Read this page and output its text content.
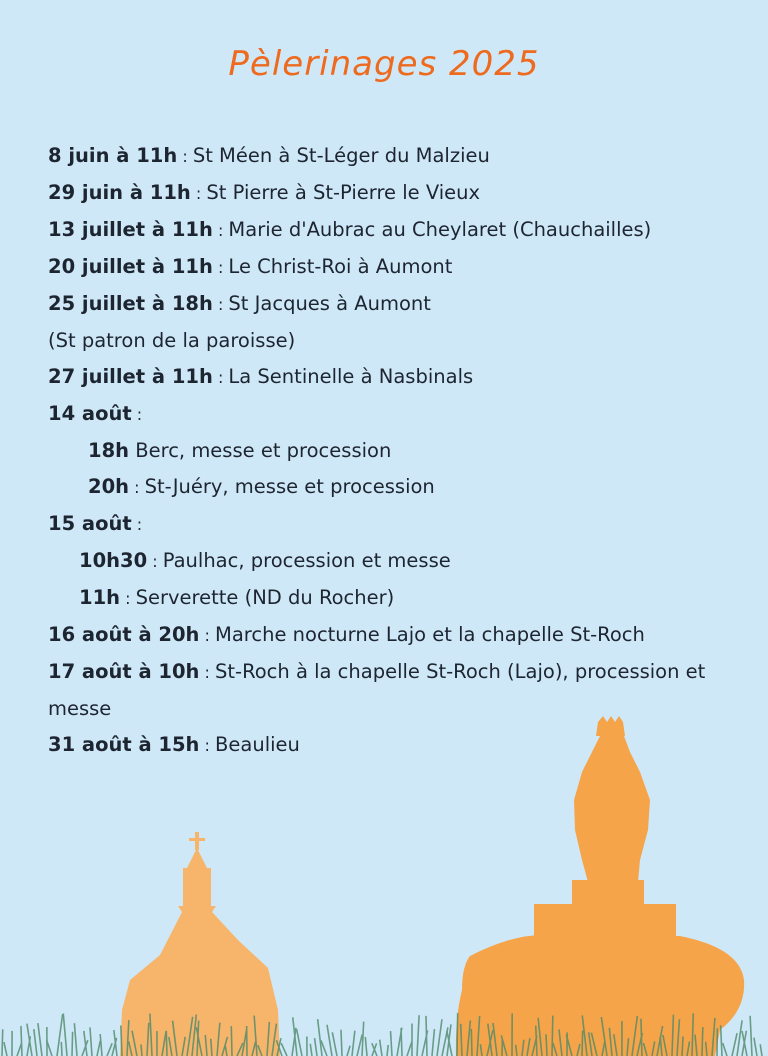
Pèlerinages 2025
8 juin à 11h : St Méen à St-Léger du Malzieu
29 juin à 11h : St Pierre à St-Pierre le Vieux
13 juillet à 11h : Marie d'Aubrac au Cheylaret (Chauchailles)
20 juillet à 11h : Le Christ-Roi à Aumont
25 juillet à 18h : St Jacques à Aumont
(St patron de la paroisse)
27 juillet à 11h : La Sentinelle à Nasbinals
14 août :
18h Berc, messe et procession
20h : St-Juéry, messe et procession
15 août :
10h30 : Paulhac, procession et messe
11h : Serverette (ND du Rocher)
16 août à 20h : Marche nocturne Lajo et la chapelle St-Roch
17 août à 10h : St-Roch à la chapelle St-Roch (Lajo), procession et messe
31 août à 15h : Beaulieu
